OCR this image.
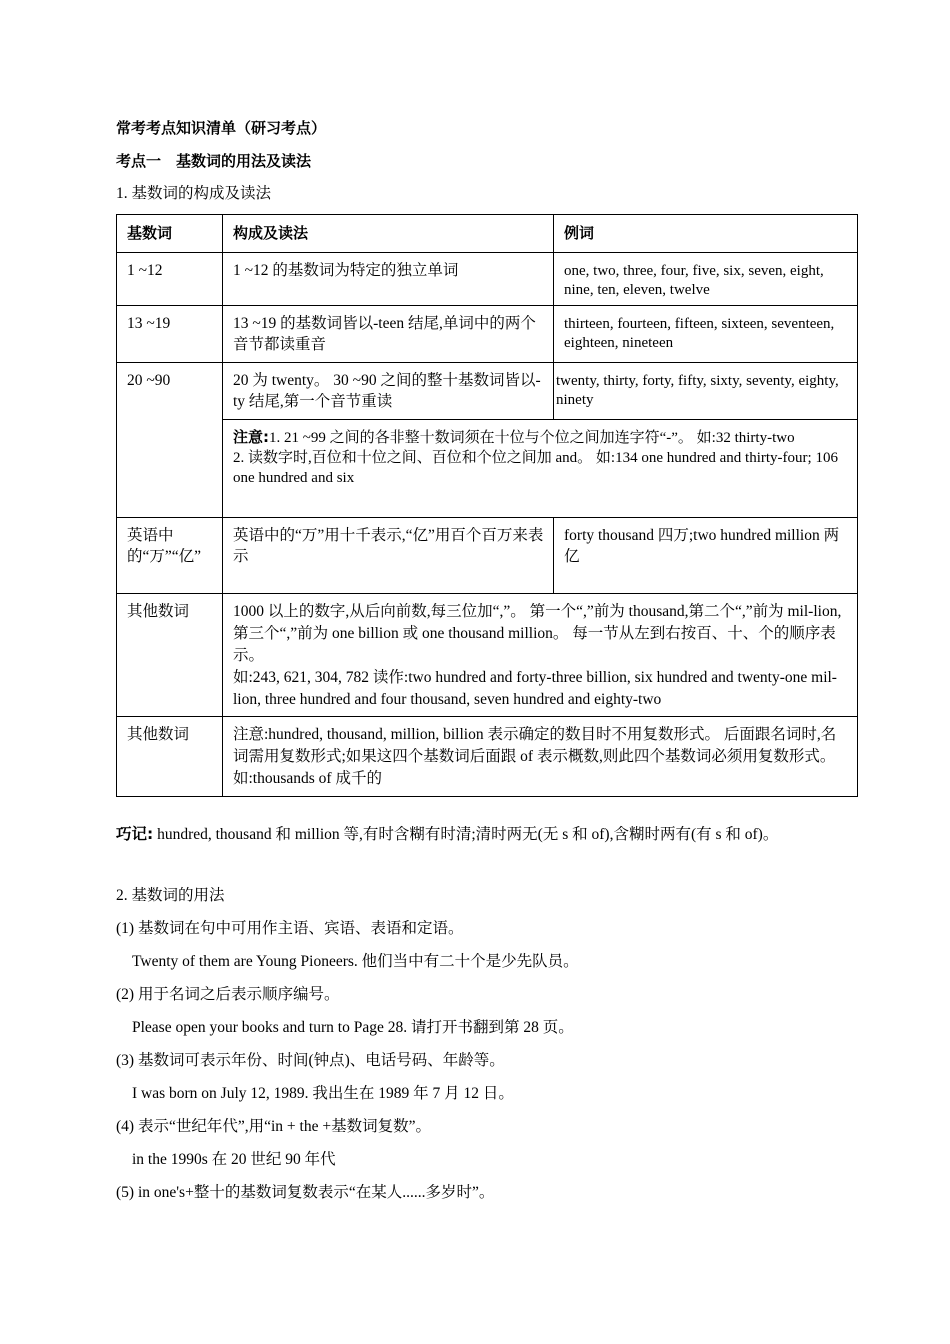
常考考点知识清单（研习考点）
考点一　基数词的用法及读法
1. 基数词的构成及读法
基数词	构成及读法	例词
1 ~12	1 ~12 的基数词为特定的独立单词	one, two, three, four, five, six, seven, eight, nine, ten, eleven, twelve
13 ~19	13 ~19 的基数词皆以-teen 结尾,单词中的两个音节都读重音	thirteen, fourteen, fifteen, sixteen, seventeen, eighteen, nineteen
20 ~90	20 为 twenty。 30 ~90 之间的整十基数词皆以-ty 结尾,第一个音节重读	twenty, thirty, forty, fifty, sixty, seventy, eighty, ninety
	注意:1. 21 ~99 之间的各非整十数词须在十位与个位之间加连字符“-”。 如:32 thirty-two
2. 读数字时,百位和十位之间、百位和个位之间加 and。 如:134 one hundred and thirty-four; 106 one hundred and six	
英语中的“万”“亿”	英语中的“万”用十千表示,“亿”用百个百万来表示	forty thousand 四万;two hundred million 两亿
其他数词	1000 以上的数字,从后向前数,每三位加“,”。 第一个“,”前为 thousand,第二个“,”前为 mil-lion,第三个“,”前为 one billion 或 one thousand million。 每一节从左到右按百、十、个的顺序表示。
如:243, 621, 304, 782 读作:two hundred and forty-three billion, six hundred and twenty-one mil-lion, three hundred and four thousand, seven hundred and eighty-two	
其他数词	注意:hundred, thousand, million, billion 表示确定的数目时不用复数形式。 后面跟名词时,名词需用复数形式;如果这四个基数词后面跟 of 表示概数,则此四个基数词必须用复数形式。 如:thousands of 成千的	
巧记: hundred, thousand 和 million 等,有时含糊有时清;清时两无(无 s 和 of),含糊时两有(有 s 和 of)。
2. 基数词的用法
(1) 基数词在句中可用作主语、宾语、表语和定语。
Twenty of them are Young Pioneers. 他们当中有二十个是少先队员。
(2) 用于名词之后表示顺序编号。
Please open your books and turn to Page 28. 请打开书翻到第 28 页。
(3) 基数词可表示年份、时间(钟点)、电话号码、年龄等。
I was born on July 12, 1989. 我出生在 1989 年 7 月 12 日。
(4) 表示“世纪年代”,用“in + the +基数词复数”。
in the 1990s 在 20 世纪 90 年代
(5) in one's+整十的基数词复数表示“在某人......多岁时”。
